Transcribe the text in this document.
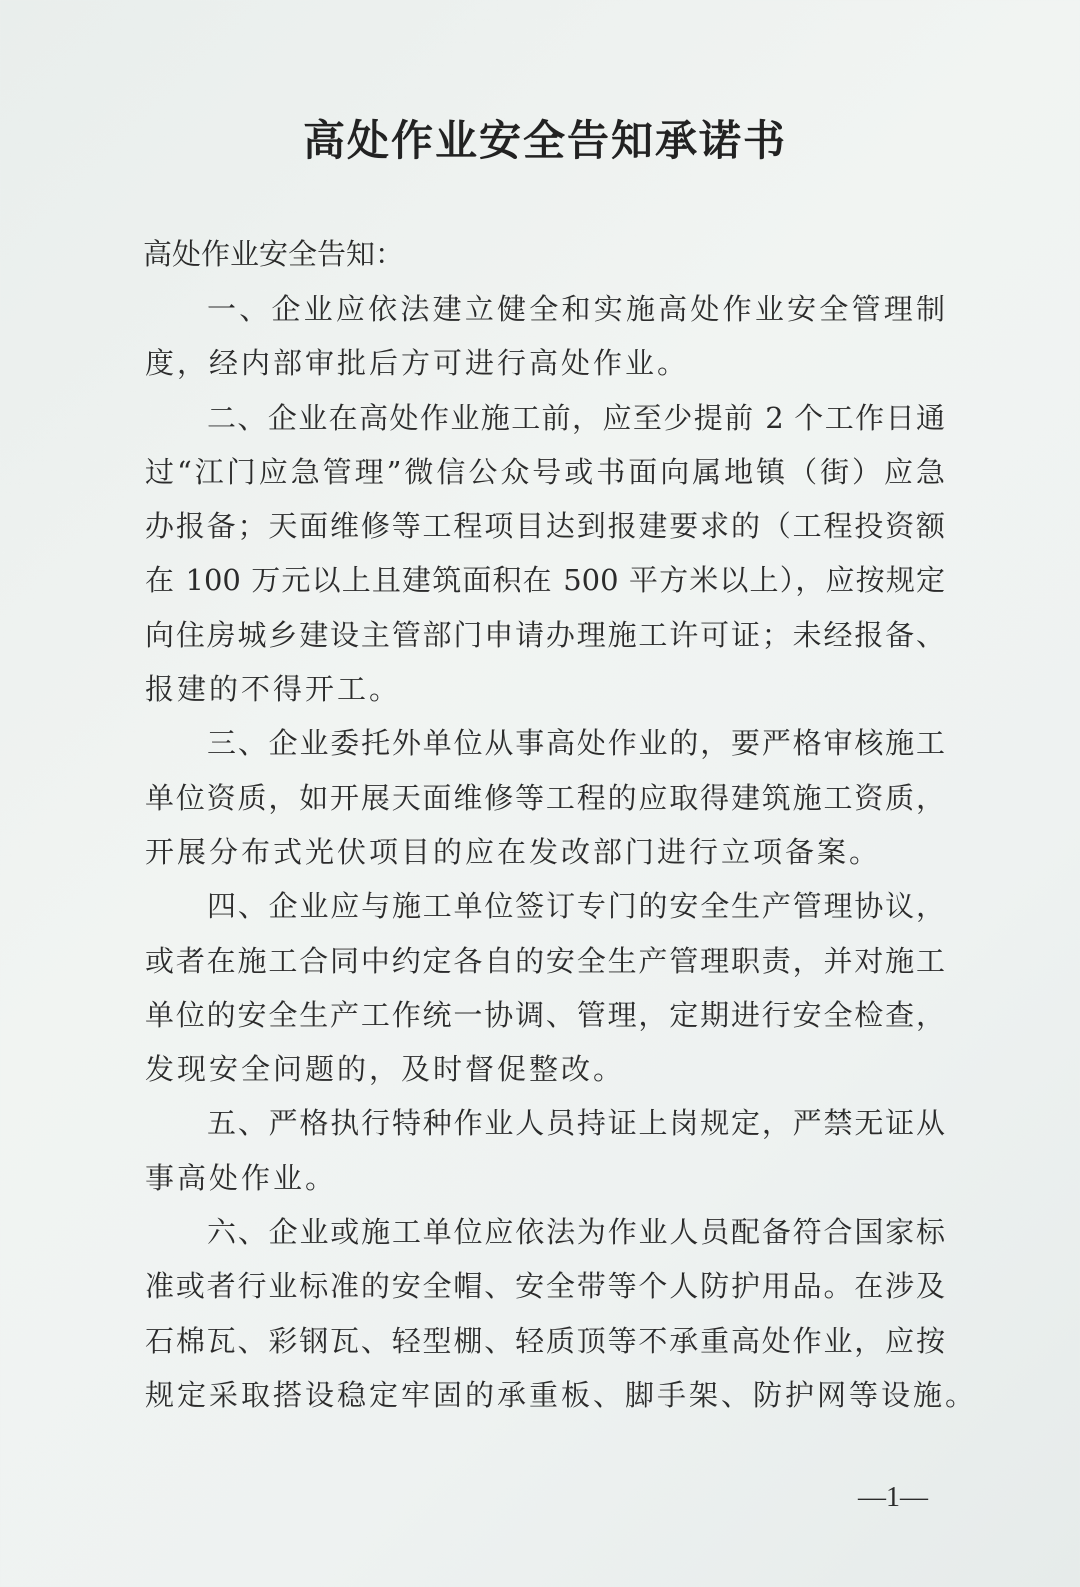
高处作业安全告知承诺书
高处作业安全告知：
一、企业应依法建立健全和实施高处作业安全管理制
度，经内部审批后方可进行高处作业。
二、企业在高处作业施工前，应至少提前 2 个工作日通
过“江门应急管理”微信公众号或书面向属地镇（街）应急
办报备；天面维修等工程项目达到报建要求的（工程投资额
在 100 万元以上且建筑面积在 500 平方米以上），应按规定
向住房城乡建设主管部门申请办理施工许可证；未经报备、
报建的不得开工。
三、企业委托外单位从事高处作业的，要严格审核施工
单位资质，如开展天面维修等工程的应取得建筑施工资质，
开展分布式光伏项目的应在发改部门进行立项备案。
四、企业应与施工单位签订专门的安全生产管理协议，
或者在施工合同中约定各自的安全生产管理职责，并对施工
单位的安全生产工作统一协调、管理，定期进行安全检查，
发现安全问题的，及时督促整改。
五、严格执行特种作业人员持证上岗规定，严禁无证从
事高处作业。
六、企业或施工单位应依法为作业人员配备符合国家标
准或者行业标准的安全帽、安全带等个人防护用品。在涉及
石棉瓦、彩钢瓦、轻型棚、轻质顶等不承重高处作业，应按
规定采取搭设稳定牢固的承重板、脚手架、防护网等设施。
—1—
